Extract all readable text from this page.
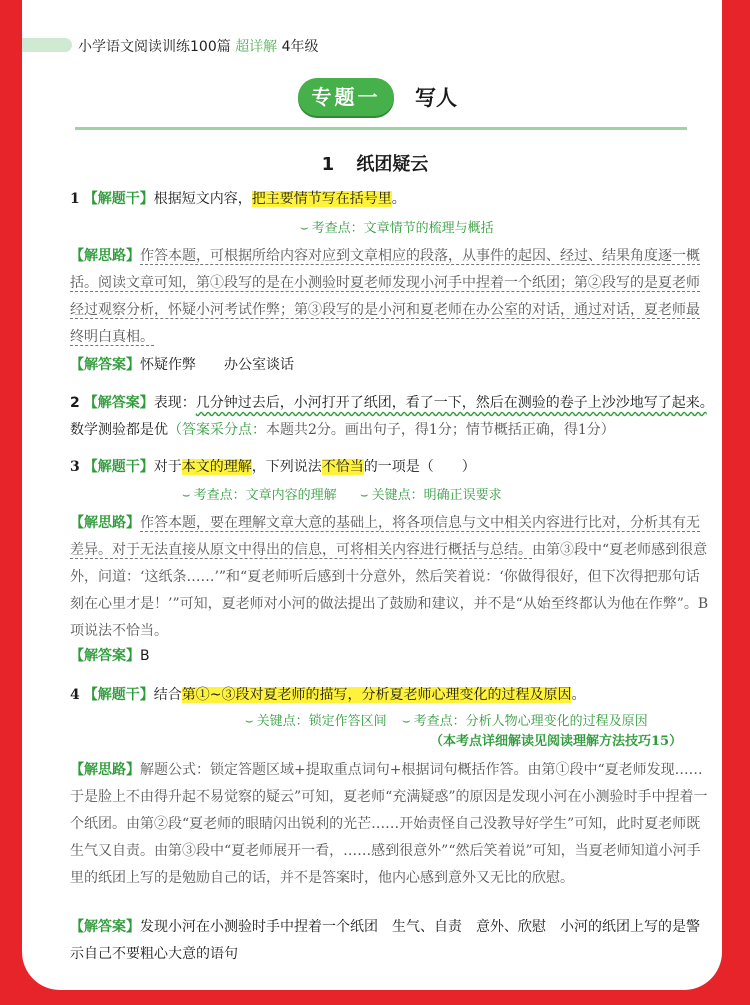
小学语文阅读训练100篇 超详解 4年级
专题一	写人
1 纸团疑云
1 【解题干】根据短文内容，把主要情节写在括号里。
⌣ 考查点：文章情节的梳理与概括
【解思路】作答本题，可根据所给内容对应到文章相应的段落，从事件的起因、经过、结果角度逐一概括。阅读文章可知，第①段写的是在小测验时夏老师发现小河手中捏着一个纸团；第②段写的是夏老师经过观察分析，怀疑小河考试作弊；第③段写的是小河和夏老师在办公室的对话，通过对话，夏老师最终明白真相。
【解答案】怀疑作弊　　办公室谈话
2 【解答案】表现：几分钟过去后，小河打开了纸团，看了一下，然后在测验的卷子上沙沙地写了起来。　数学测验都是优（答案采分点：本题共2分。画出句子，得1分；情节概括正确，得1分）
3 【解题干】对于本文的理解，下列说法不恰当的一项是（　　）
⌣ 考查点：文章内容的理解 ⌣ 关键点：明确正误要求
【解思路】作答本题，要在理解文章大意的基础上，将各项信息与文中相关内容进行比对，分析其有无差异。对于无法直接从原文中得出的信息，可将相关内容进行概括与总结。由第③段中“夏老师感到很意外，问道：‘这纸条……’”和“夏老师听后感到十分意外，然后笑着说：‘你做得很好，但下次得把那句话刻在心里才是！’”可知，夏老师对小河的做法提出了鼓励和建议，并不是“从始至终都认为他在作弊”。B项说法不恰当。
【解答案】B
4 【解题干】结合第①~③段对夏老师的描写，分析夏老师心理变化的过程及原因。
⌣ 关键点：锁定作答区间 ⌣ 考查点：分析人物心理变化的过程及原因
（本考点详细解读见阅读理解方法技巧15）
【解思路】解题公式：锁定答题区域+提取重点词句+根据词句概括作答。由第①段中“夏老师发现……于是脸上不由得升起不易觉察的疑云”可知，夏老师“充满疑惑”的原因是发现小河在小测验时手中捏着一个纸团。由第②段“夏老师的眼睛闪出锐利的光芒……开始责怪自己没教导好学生”可知，此时夏老师既生气又自责。由第③段中“夏老师展开一看，……感到很意外”“然后笑着说”可知，当夏老师知道小河手里的纸团上写的是勉励自己的话，并不是答案时，他内心感到意外又无比的欣慰。
【解答案】发现小河在小测验时手中捏着一个纸团　生气、自责　意外、欣慰　小河的纸团上写的是警示自己不要粗心大意的语句
